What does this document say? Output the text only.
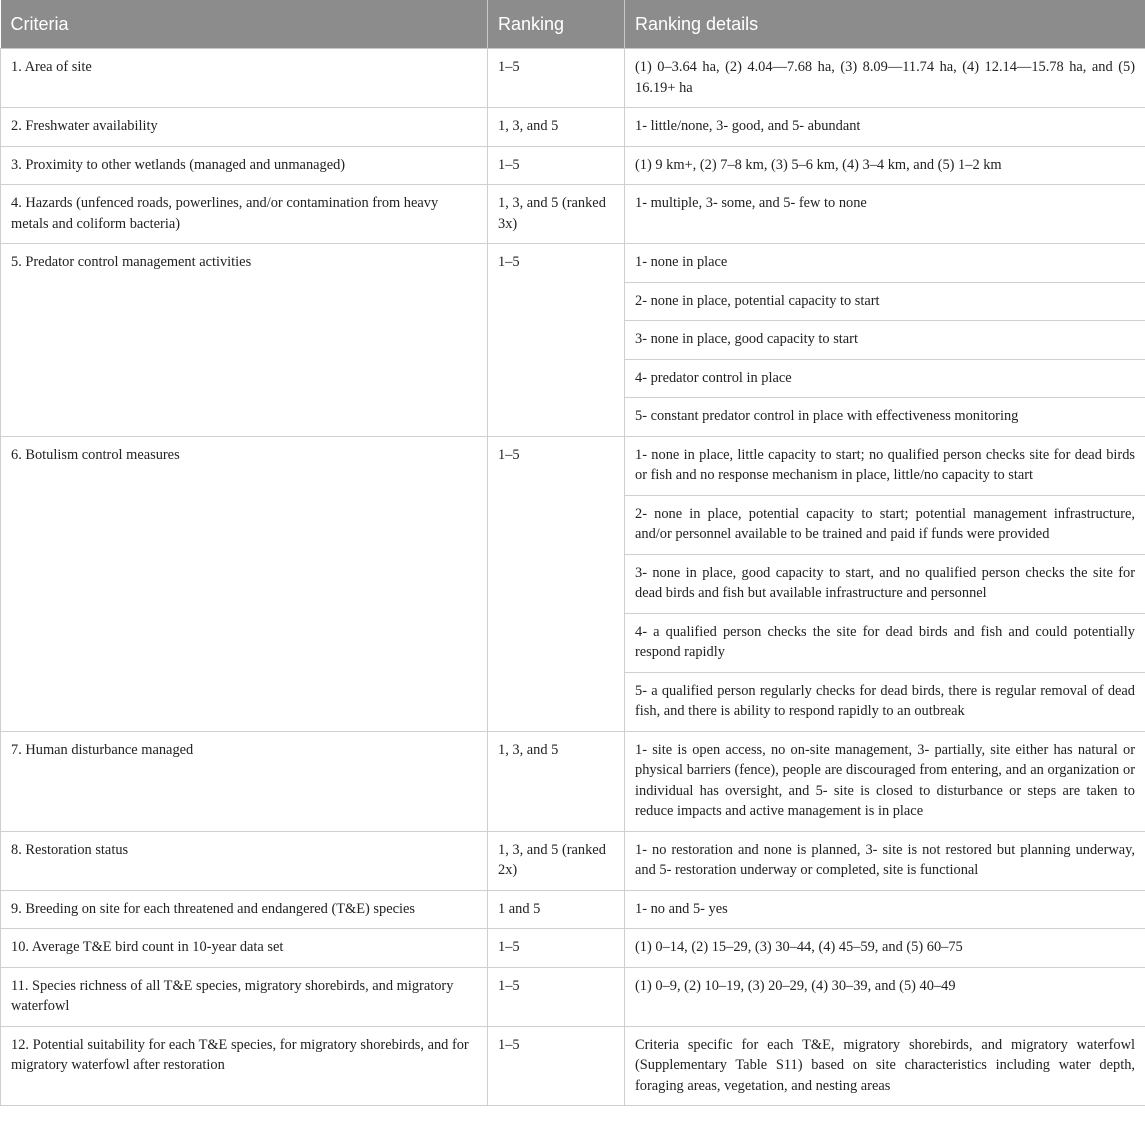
Criteria	Ranking	Ranking details
1. Area of site	1–5	(1) 0–3.64 ha, (2) 4.04—7.68 ha, (3) 8.09—11.74 ha, (4) 12.14—15.78 ha, and (5) 16.19+ ha
2. Freshwater availability	1, 3, and 5	1- little/none, 3- good, and 5- abundant
3. Proximity to other wetlands (managed and unmanaged)	1–5	(1) 9 km+, (2) 7–8 km, (3) 5–6 km, (4) 3–4 km, and (5) 1–2 km
4. Hazards (unfenced roads, powerlines, and/or contamination from heavy metals and coliform bacteria)	1, 3, and 5 (ranked 3x)	1- multiple, 3- some, and 5- few to none
5. Predator control management activities	1–5	1- none in place
		2- none in place, potential capacity to start
		3- none in place, good capacity to start
		4- predator control in place
		5- constant predator control in place with effectiveness monitoring
6. Botulism control measures	1–5	1- none in place, little capacity to start; no qualified person checks site for dead birds or fish and no response mechanism in place, little/no capacity to start
		2- none in place, potential capacity to start; potential management infrastructure, and/or personnel available to be trained and paid if funds were provided
		3- none in place, good capacity to start, and no qualified person checks the site for dead birds and fish but available infrastructure and personnel
		4- a qualified person checks the site for dead birds and fish and could potentially respond rapidly
		5- a qualified person regularly checks for dead birds, there is regular removal of dead fish, and there is ability to respond rapidly to an outbreak
7. Human disturbance managed	1, 3, and 5	1- site is open access, no on-site management, 3- partially, site either has natural or physical barriers (fence), people are discouraged from entering, and an organization or individual has oversight, and 5- site is closed to disturbance or steps are taken to reduce impacts and active management is in place
8. Restoration status	1, 3, and 5 (ranked 2x)	1- no restoration and none is planned, 3- site is not restored but planning underway, and 5- restoration underway or completed, site is functional
9. Breeding on site for each threatened and endangered (T&E) species	1 and 5	1- no and 5- yes
10. Average T&E bird count in 10-year data set	1–5	(1) 0–14, (2) 15–29, (3) 30–44, (4) 45–59, and (5) 60–75
11. Species richness of all T&E species, migratory shorebirds, and migratory waterfowl	1–5	(1) 0–9, (2) 10–19, (3) 20–29, (4) 30–39, and (5) 40–49
12. Potential suitability for each T&E species, for migratory shorebirds, and for migratory waterfowl after restoration	1–5	Criteria specific for each T&E, migratory shorebirds, and migratory waterfowl (Supplementary Table S11) based on site characteristics including water depth, foraging areas, vegetation, and nesting areas
